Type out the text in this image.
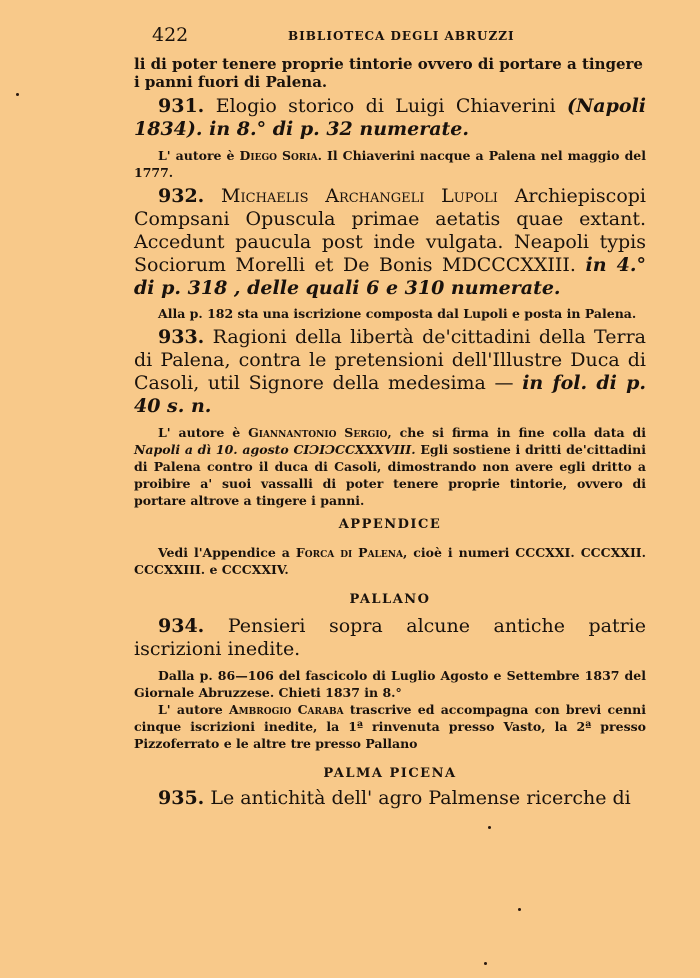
422	BIBLIOTECA DEGLI ABRUZZI

li di poter tenere proprie tintorie ovvero di portare a tingere i panni fuori di Palena.

931. Elogio storico di Luigi Chiaverini (Napoli 1834). in 8.° di p. 32 numerate.

L' autore è Diego Soria. Il Chiaverini nacque a Palena nel maggio del 1777.

932. Michaelis Archangeli Lupoli Archiepiscopi Compsani Opuscula primae aetatis quae extant. Accedunt paucula post inde vulgata. Neapoli typis Sociorum Morelli et De Bonis MDCCCXXIII. in 4.° di p. 318 , delle quali 6 e 310 numerate.

Alla p. 182 sta una iscrizione composta dal Lupoli e posta in Palena.

933. Ragioni della libertà de'cittadini della Terra di Palena, contra le pretensioni dell'Illustre Duca di Casoli, util Signore della medesima — in fol. di p. 40 s. n.

L' autore è Giannantonio Sergio, che si firma in fine colla data di Napoli a dì 10. agosto CIƆIƆCCXXXVIII. Egli sostiene i dritti de'cittadini di Palena contro il duca di Casoli, dimostrando non avere egli dritto a proibire a' suoi vassalli di poter tenere proprie tintorie, ovvero di portare altrove a tingere i panni.

APPENDICE

Vedi l'Appendice a Forca di Palena, cioè i numeri CCCXXI. CCCXXII. CCCXXIII. e CCCXXIV.

PALLANO

934. Pensieri sopra alcune antiche patrie iscrizioni inedite.

Dalla p. 86—106 del fascicolo di Luglio Agosto e Settembre 1837 del Giornale Abruzzese. Chieti 1837 in 8.°

L' autore Ambrogio Caraba trascrive ed accompagna con brevi cenni cinque iscrizioni inedite, la 1ª rinvenuta presso Vasto, la 2ª presso Pizzoferrato e le altre tre presso Pallano

PALMA PICENA

935. Le antichità dell' agro Palmense ricerche di
